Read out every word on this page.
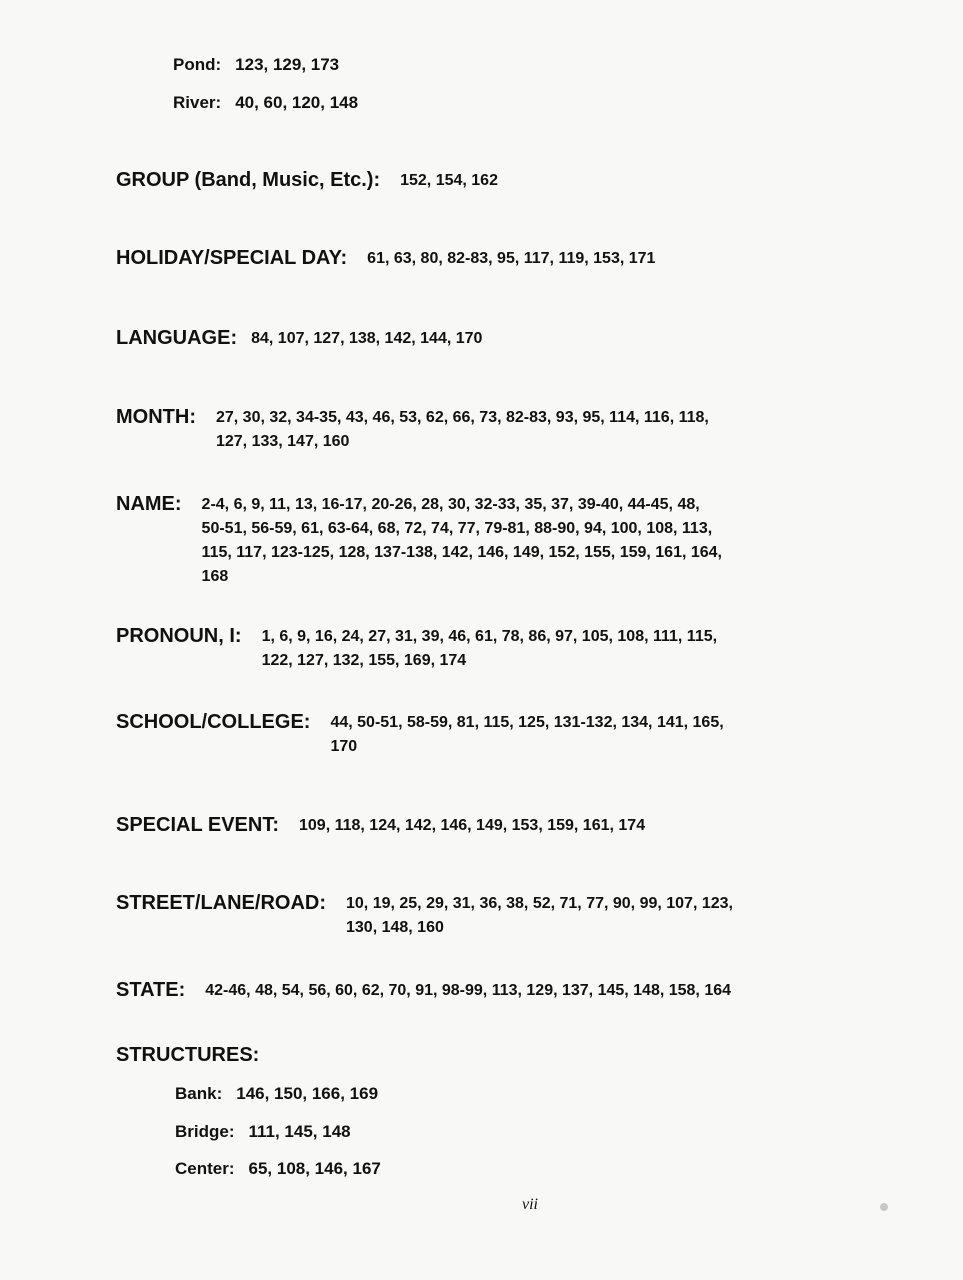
Pond: 123, 129, 173
River: 40, 60, 120, 148
GROUP (Band, Music, Etc.): 152, 154, 162
HOLIDAY/SPECIAL DAY: 61, 63, 80, 82-83, 95, 117, 119, 153, 171
LANGUAGE: 84, 107, 127, 138, 142, 144, 170
MONTH: 27, 30, 32, 34-35, 43, 46, 53, 62, 66, 73, 82-83, 93, 95, 114, 116, 118,
127, 133, 147, 160
NAME: 2-4, 6, 9, 11, 13, 16-17, 20-26, 28, 30, 32-33, 35, 37, 39-40, 44-45, 48,
50-51, 56-59, 61, 63-64, 68, 72, 74, 77, 79-81, 88-90, 94, 100, 108, 113,
115, 117, 123-125, 128, 137-138, 142, 146, 149, 152, 155, 159, 161, 164,
168
PRONOUN, I: 1, 6, 9, 16, 24, 27, 31, 39, 46, 61, 78, 86, 97, 105, 108, 111, 115,
122, 127, 132, 155, 169, 174
SCHOOL/COLLEGE: 44, 50-51, 58-59, 81, 115, 125, 131-132, 134, 141, 165,
170
SPECIAL EVENT: 109, 118, 124, 142, 146, 149, 153, 159, 161, 174
STREET/LANE/ROAD: 10, 19, 25, 29, 31, 36, 38, 52, 71, 77, 90, 99, 107, 123,
130, 148, 160
STATE: 42-46, 48, 54, 56, 60, 62, 70, 91, 98-99, 113, 129, 137, 145, 148, 158, 164
STRUCTURES:
Bank: 146, 150, 166, 169
Bridge: 111, 145, 148
Center: 65, 108, 146, 167
vii
